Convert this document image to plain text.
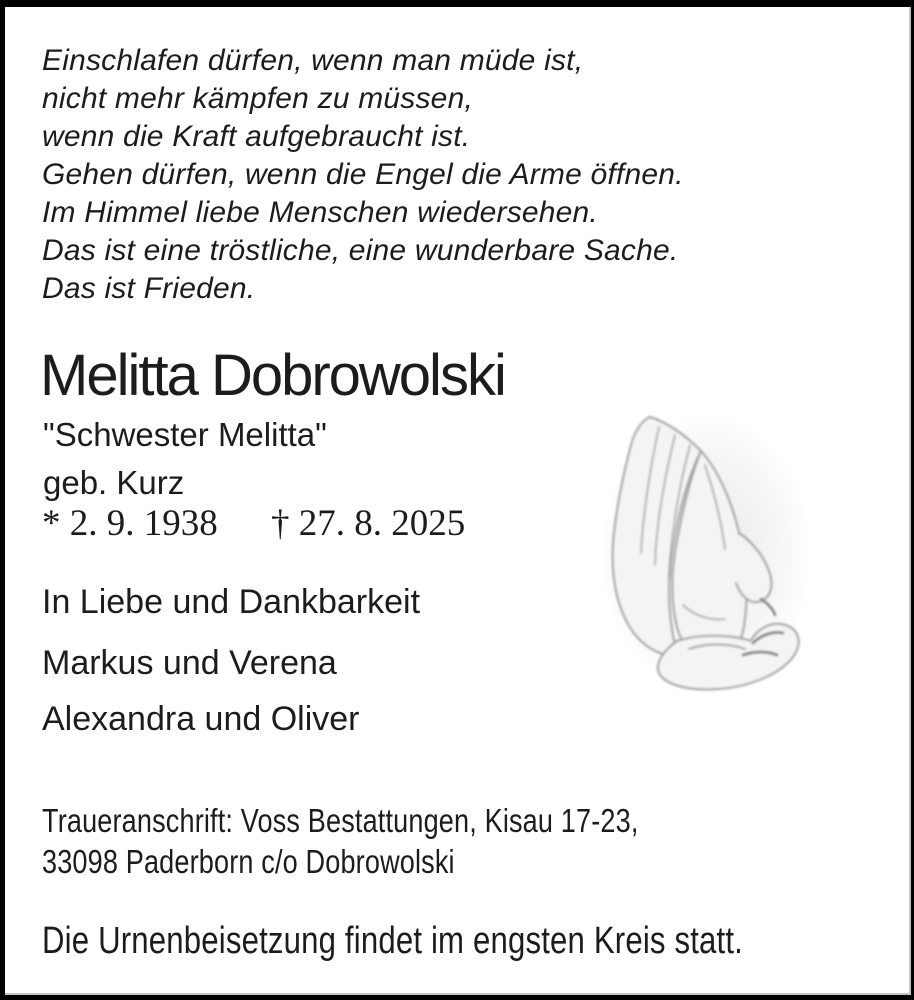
Einschlafen dürfen, wenn man müde ist,
nicht mehr kämpfen zu müssen,
wenn die Kraft aufgebraucht ist.
Gehen dürfen, wenn die Engel die Arme öffnen.
Im Himmel liebe Menschen wiedersehen.
Das ist eine tröstliche, eine wunderbare Sache.
Das ist Frieden.
Melitta Dobrowolski
"Schwester Melitta"
geb. Kurz
* 2. 9. 1938 † 27. 8. 2025
In Liebe und Dankbarkeit
Markus und Verena
Alexandra und Oliver
Traueranschrift: Voss Bestattungen, Kisau 17-23,
33098 Paderborn c/o Dobrowolski
Die Urnenbeisetzung findet im engsten Kreis statt.
